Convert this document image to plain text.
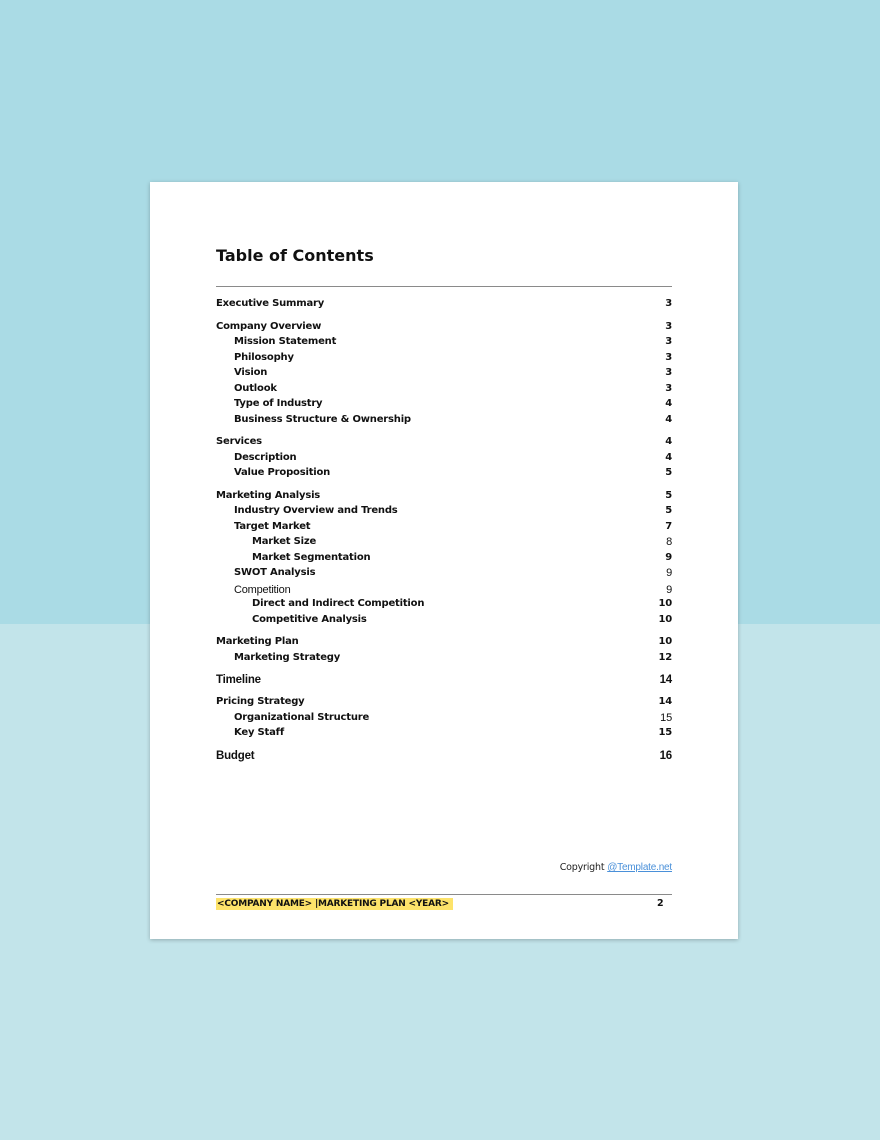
Table of Contents
Executive Summary	3
Company Overview	3
Mission Statement	3
Philosophy	3
Vision	3
Outlook	3
Type of Industry	4
Business Structure & Ownership	4
Services	4
Description	4
Value Proposition	5
Marketing Analysis	5
Industry Overview and Trends	5
Target Market	7
Market Size	8
Market Segmentation	9
SWOT Analysis	9
Competition	9
Direct and Indirect Competition	10
Competitive Analysis	10
Marketing Plan	10
Marketing Strategy	12
Timeline	14
Pricing Strategy	14
Organizational Structure	15
Key Staff	15
Budget	16
Copyright @Template.net
<COMPANY NAME> |MARKETING PLAN <YEAR>	2
